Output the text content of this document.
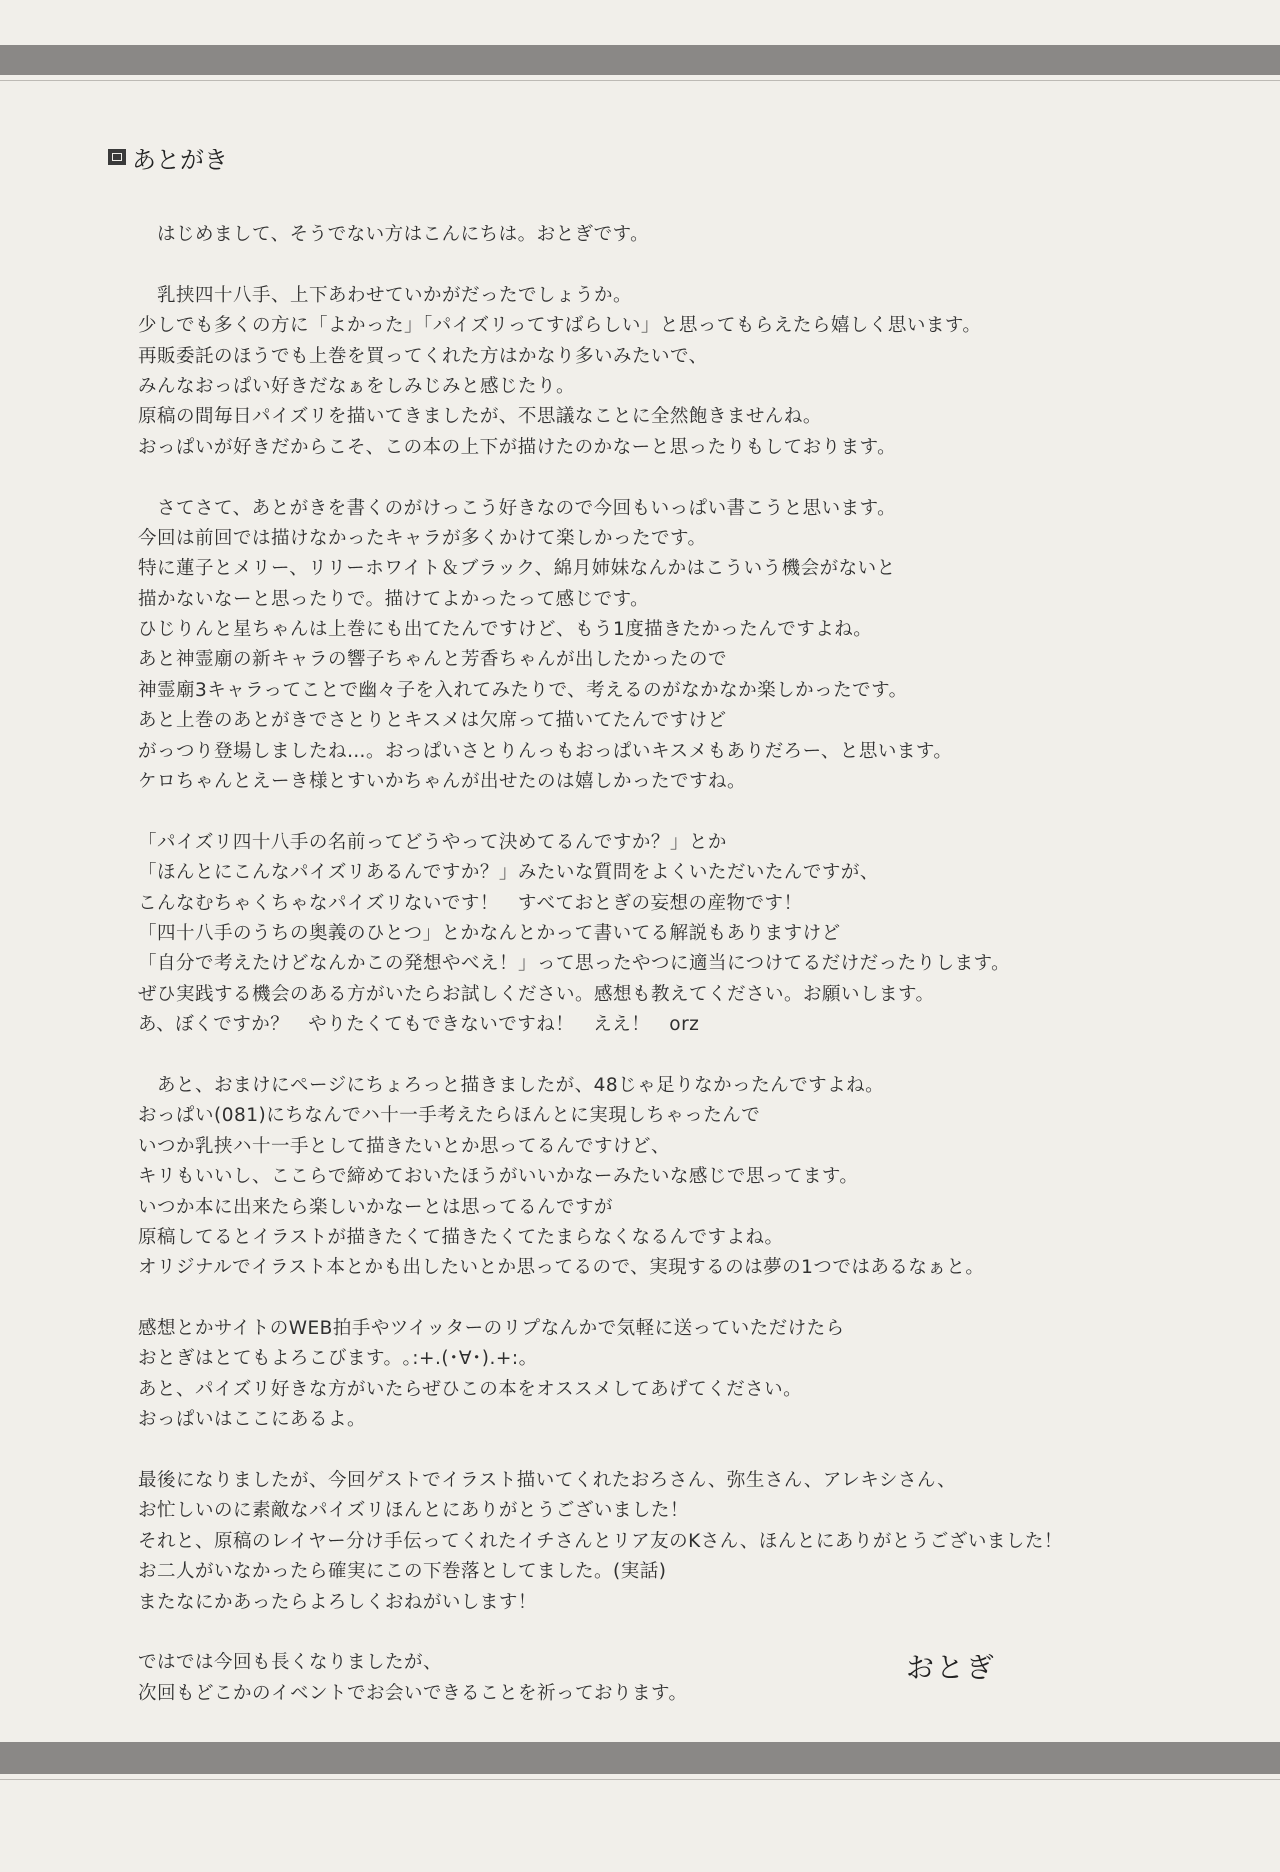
あとがき
　はじめまして、そうでない方はこんにちは。おとぎです。
　乳挟四十八手、上下あわせていかがだったでしょうか。
少しでも多くの方に「よかった」「パイズリってすばらしい」と思ってもらえたら嬉しく思います。
再販委託のほうでも上巻を買ってくれた方はかなり多いみたいで、
みんなおっぱい好きだなぁをしみじみと感じたり。
原稿の間毎日パイズリを描いてきましたが、不思議なことに全然飽きませんね。
おっぱいが好きだからこそ、この本の上下が描けたのかなーと思ったりもしております。
　さてさて、あとがきを書くのがけっこう好きなので今回もいっぱい書こうと思います。
今回は前回では描けなかったキャラが多くかけて楽しかったです。
特に蓮子とメリー、リリーホワイト＆ブラック、綿月姉妹なんかはこういう機会がないと
描かないなーと思ったりで。描けてよかったって感じです。
ひじりんと星ちゃんは上巻にも出てたんですけど、もう1度描きたかったんですよね。
あと神霊廟の新キャラの響子ちゃんと芳香ちゃんが出したかったので
神霊廟3キャラってことで幽々子を入れてみたりで、考えるのがなかなか楽しかったです。
あと上巻のあとがきでさとりとキスメは欠席って描いてたんですけど
がっつり登場しましたね…。おっぱいさとりんっもおっぱいキスメもありだろー、と思います。
ケロちゃんとえーき様とすいかちゃんが出せたのは嬉しかったですね。
「パイズリ四十八手の名前ってどうやって決めてるんですか？」とか
「ほんとにこんなパイズリあるんですか？」みたいな質問をよくいただいたんですが、
こんなむちゃくちゃなパイズリないです！　すべておとぎの妄想の産物です！
「四十八手のうちの奥義のひとつ」とかなんとかって書いてる解説もありますけど
「自分で考えたけどなんかこの発想やべえ！」って思ったやつに適当につけてるだけだったりします。
ぜひ実践する機会のある方がいたらお試しください。感想も教えてください。お願いします。
あ、ぼくですか？　やりたくてもできないですね！　ええ！　orz
　あと、おまけにページにちょろっと描きましたが、48じゃ足りなかったんですよね。
おっぱい(081)にちなんでハ十一手考えたらほんとに実現しちゃったんで
いつか乳挟ハ十一手として描きたいとか思ってるんですけど、
キリもいいし、ここらで締めておいたほうがいいかなーみたいな感じで思ってます。
いつか本に出来たら楽しいかなーとは思ってるんですが
原稿してるとイラストが描きたくて描きたくてたまらなくなるんですよね。
オリジナルでイラスト本とかも出したいとか思ってるので、実現するのは夢の1つではあるなぁと。
感想とかサイトのWEB拍手やツイッターのリプなんかで気軽に送っていただけたら
おとぎはとてもよろこびます。｡:+.(･∀･).+:｡
あと、パイズリ好きな方がいたらぜひこの本をオススメしてあげてください。
おっぱいはここにあるよ。
最後になりましたが、今回ゲストでイラスト描いてくれたおろさん、弥生さん、アレキシさん、
お忙しいのに素敵なパイズリほんとにありがとうございました！
それと、原稿のレイヤー分け手伝ってくれたイチさんとリア友のKさん、ほんとにありがとうございました！
お二人がいなかったら確実にこの下巻落としてました。(実話)
またなにかあったらよろしくおねがいします！
ではでは今回も長くなりましたが、
次回もどこかのイベントでお会いできることを祈っております。
おとぎ
